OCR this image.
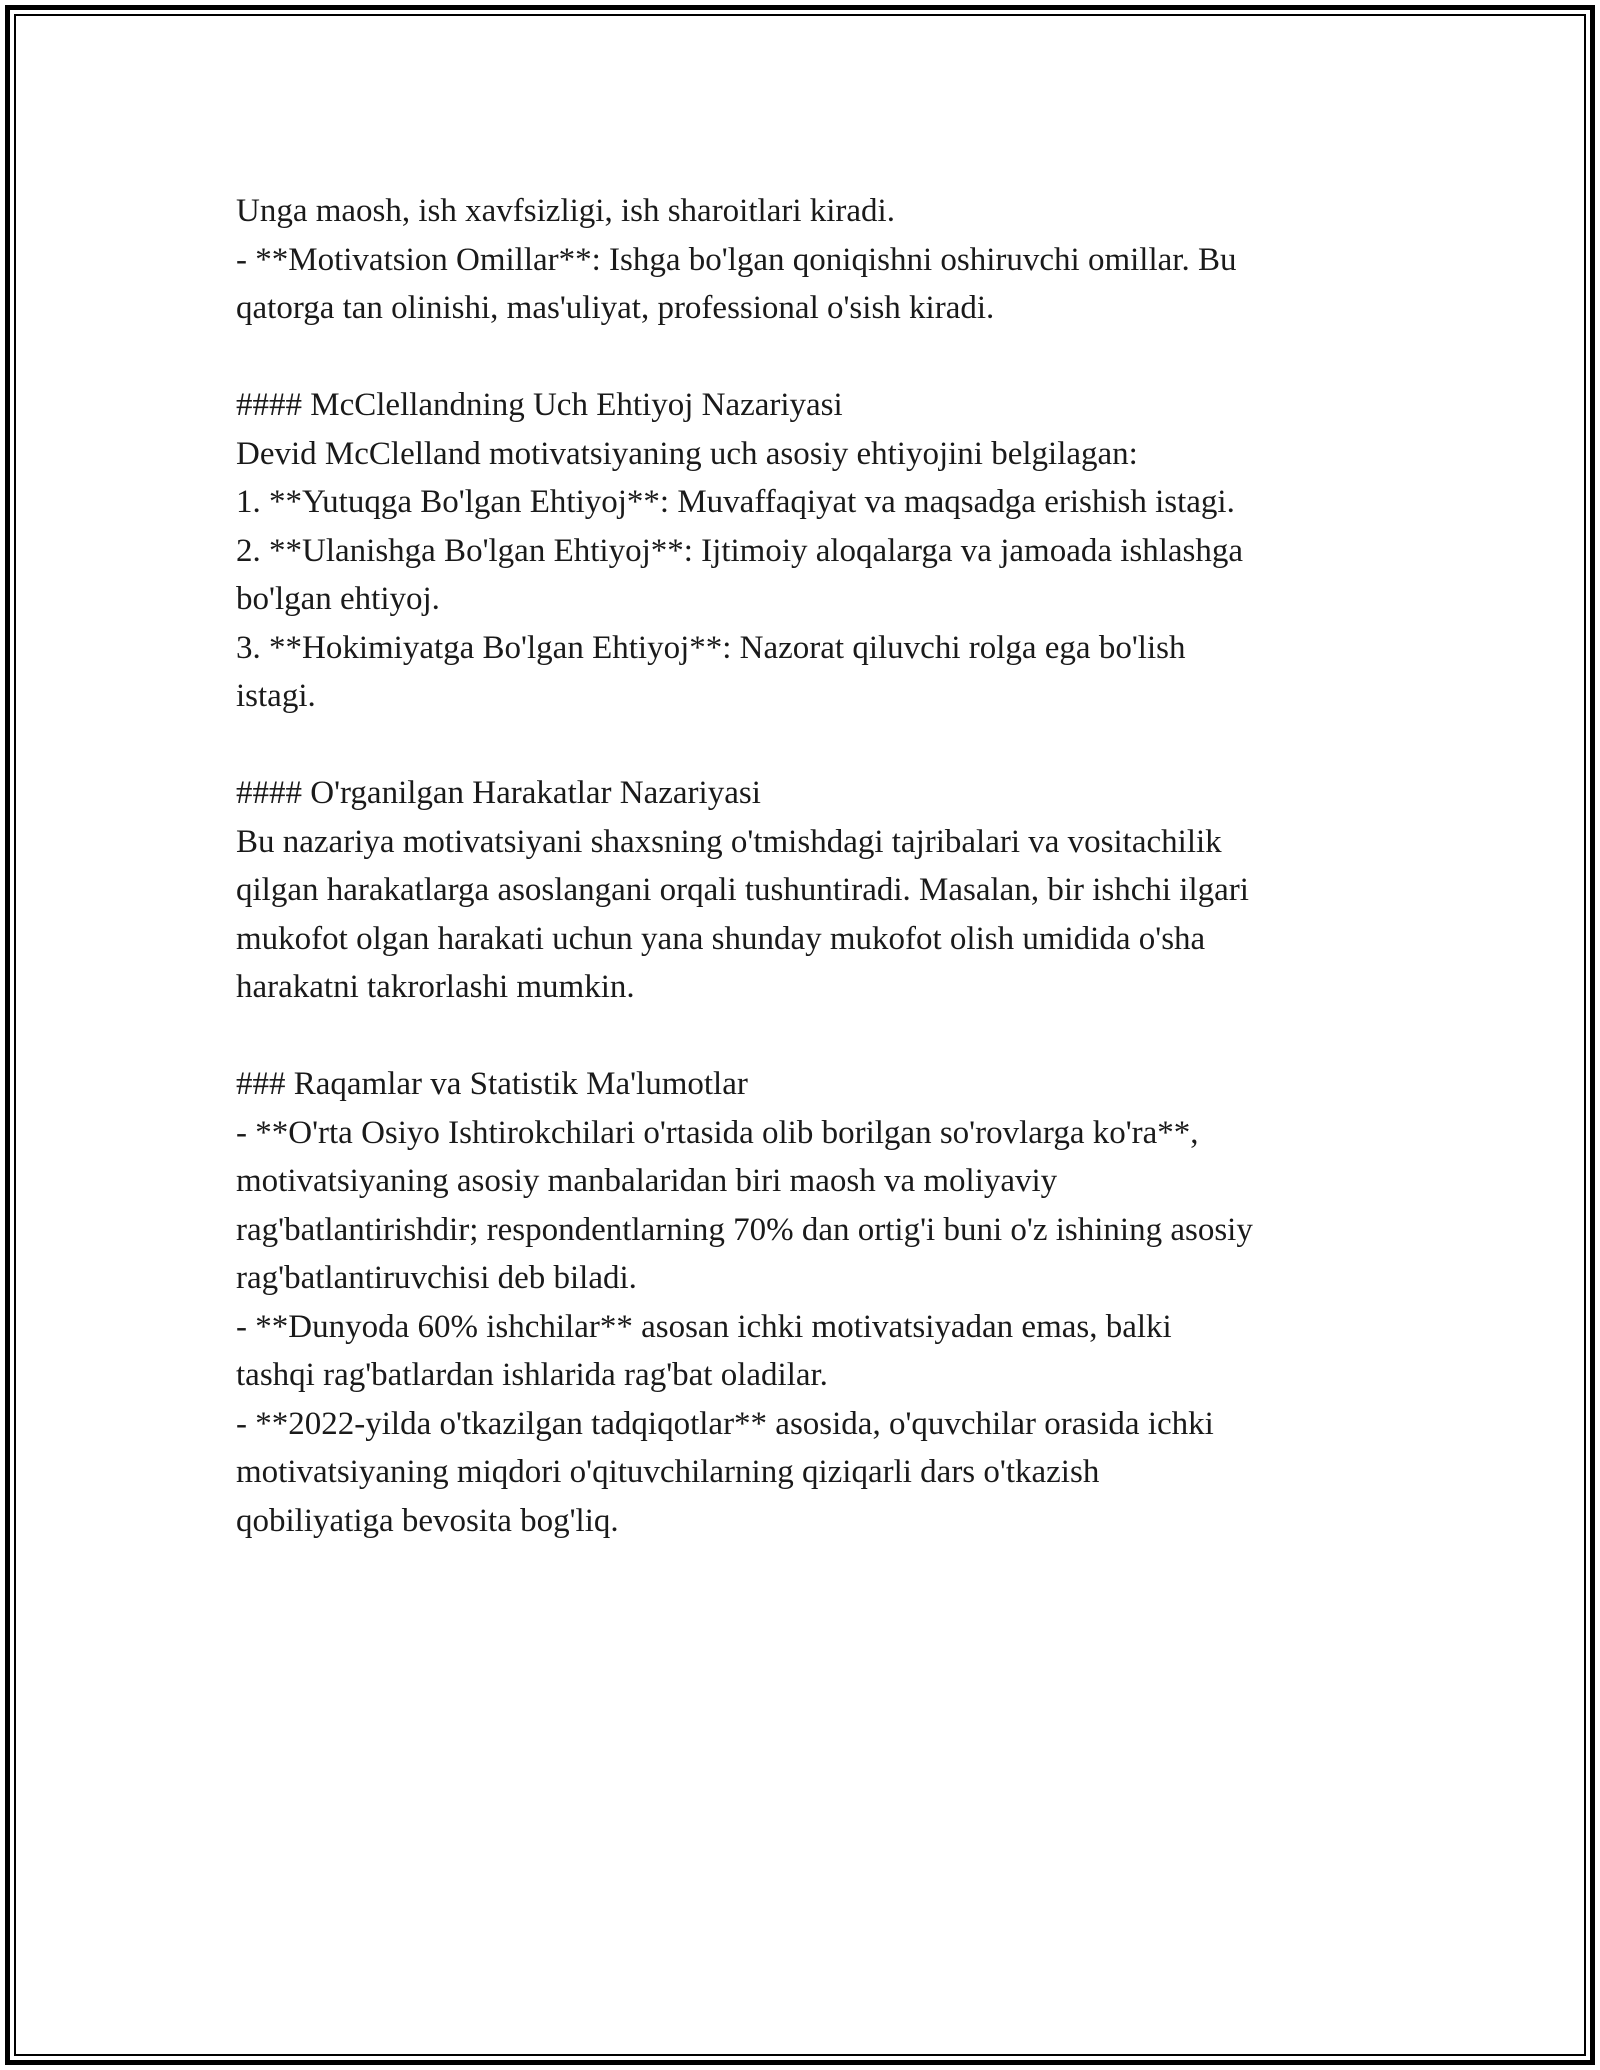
Unga maosh, ish xavfsizligi, ish sharoitlari kiradi.
- **Motivatsion Omillar**: Ishga bo'lgan qoniqishni oshiruvchi omillar. Bu
qatorga tan olinishi, mas'uliyat, professional o'sish kiradi.
#### McClellandning Uch Ehtiyoj Nazariyasi
Devid McClelland motivatsiyaning uch asosiy ehtiyojini belgilagan:
1. **Yutuqga Bo'lgan Ehtiyoj**: Muvaffaqiyat va maqsadga erishish istagi.
2. **Ulanishga Bo'lgan Ehtiyoj**: Ijtimoiy aloqalarga va jamoada ishlashga
bo'lgan ehtiyoj.
3. **Hokimiyatga Bo'lgan Ehtiyoj**: Nazorat qiluvchi rolga ega bo'lish
istagi.
#### O'rganilgan Harakatlar Nazariyasi
Bu nazariya motivatsiyani shaxsning o'tmishdagi tajribalari va vositachilik
qilgan harakatlarga asoslangani orqali tushuntiradi. Masalan, bir ishchi ilgari
mukofot olgan harakati uchun yana shunday mukofot olish umidida o'sha
harakatni takrorlashi mumkin.
### Raqamlar va Statistik Ma'lumotlar
- **O'rta Osiyo Ishtirokchilari o'rtasida olib borilgan so'rovlarga ko'ra**,
motivatsiyaning asosiy manbalaridan biri maosh va moliyaviy
rag'batlantirishdir; respondentlarning 70% dan ortig'i buni o'z ishining asosiy
rag'batlantiruvchisi deb biladi.
- **Dunyoda 60% ishchilar** asosan ichki motivatsiyadan emas, balki
tashqi rag'batlardan ishlarida rag'bat oladilar.
- **2022-yilda o'tkazilgan tadqiqotlar** asosida, o'quvchilar orasida ichki
motivatsiyaning miqdori o'qituvchilarning qiziqarli dars o'tkazish
qobiliyatiga bevosita bog'liq.
